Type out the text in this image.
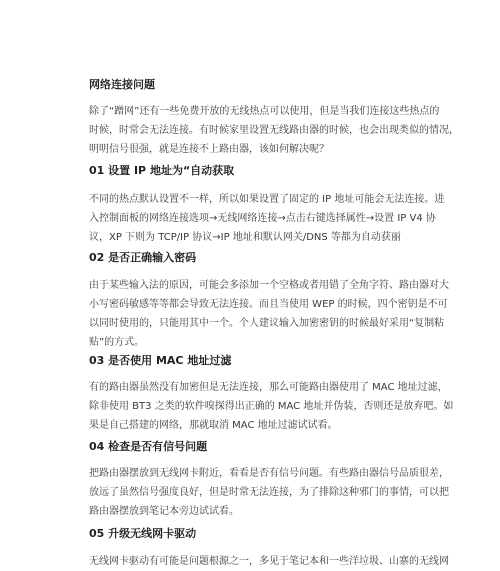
网络连接问题
除了“蹭网”还有一些免费开放的无线热点可以使用，但是当我们连接这些热点的
时候，时常会无法连接。有时候家里设置无线路由器的时候，也会出现类似的情况，
明明信号很强，就是连接不上路由器，该如何解决呢？
01 设置 IP 地址为“自动获取
不同的热点默认设置不一样，所以如果设置了固定的 IP 地址可能会无法连接。进
入控制面板的网络连接选项→无线网络连接→点击右键选择属性→设置 IP V4 协
议，XP 下则为 TCP/IP 协议→IP 地址和默认网关/DNS 等都为自动获丽
02 是否正确输入密码
由于某些输入法的原因，可能会多添加一个空格或者用错了全角字符、路由器对大
小写密码敏感等等都会导致无法连接。而且当使用 WEP 的时候，四个密钥是不可
以同时使用的，只能用其中一个。个人建议输入加密密钥的时候最好采用“复制粘
贴”的方式。
03 是否使用 MAC 地址过滤
有的路由器虽然没有加密但是无法连接，那么可能路由器使用了 MAC 地址过滤，
除非使用 BT3 之类的软件嗅探得出正确的 MAC 地址并伪装，否则还是放弃吧。如
果是自己搭建的网络，那就取消 MAC 地址过滤试试看。
04 检查是否有信号问题
把路由器摆放到无线网卡附近，看看是否有信号问题。有些路由器信号品质很差，
放远了虽然信号强度良好，但是时常无法连接，为了排除这种邪门的事情，可以把
路由器摆放到笔记本旁边试试看。
05 升级无线网卡驱动
无线网卡驱动有可能是问题根源之一，多见于笔记本和一些洋垃圾、山寨的无线网
